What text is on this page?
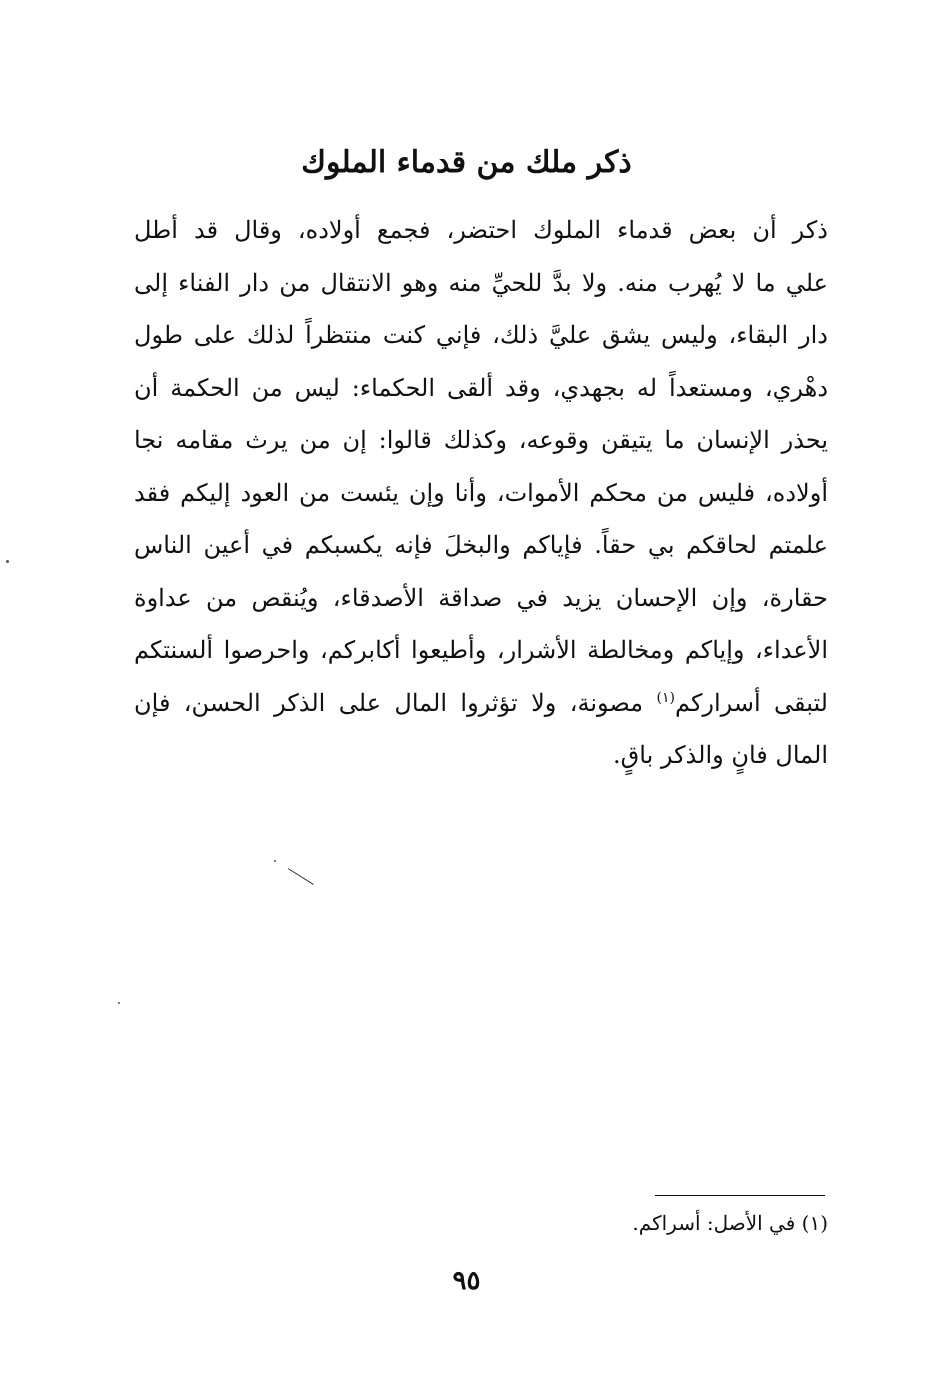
ذكر ملك من قدماء الملوك
ذكر أن بعض قدماء الملوك احتضر، فجمع أولاده، وقال قد أطل
علي ما لا يُهرب منه. ولا بدَّ للحيِّ منه وهو الانتقال من دار الفناء إلى
دار البقاء، وليس يشق عليَّ ذلك، فإني كنت منتظراً لذلك على طول
دهْري، ومستعداً له بجهدي، وقد ألقى الحكماء: ليس من الحكمة أن
يحذر الإنسان ما يتيقن وقوعه، وكذلك قالوا: إن من يرث مقامه نجا
أولاده، فليس من محكم الأموات، وأنا وإن يئست من العود إليكم فقد
علمتم لحاقكم بي حقاً. فإياكم والبخلَ فإنه يكسبكم في أعين الناس
حقارة، وإن الإحسان يزيد في صداقة الأصدقاء، ويُنقص من عداوة
الأعداء، وإياكم ومخالطة الأشرار، وأطيعوا أكابركم، واحرصوا ألسنتكم
لتبقى أسراركم$^{(١)}$ مصونة، ولا تؤثروا المال على الذكر الحسن، فإن
المال فانٍ والذكر باقٍ.

(١) في الأصل: أسراكم.

٩٥
